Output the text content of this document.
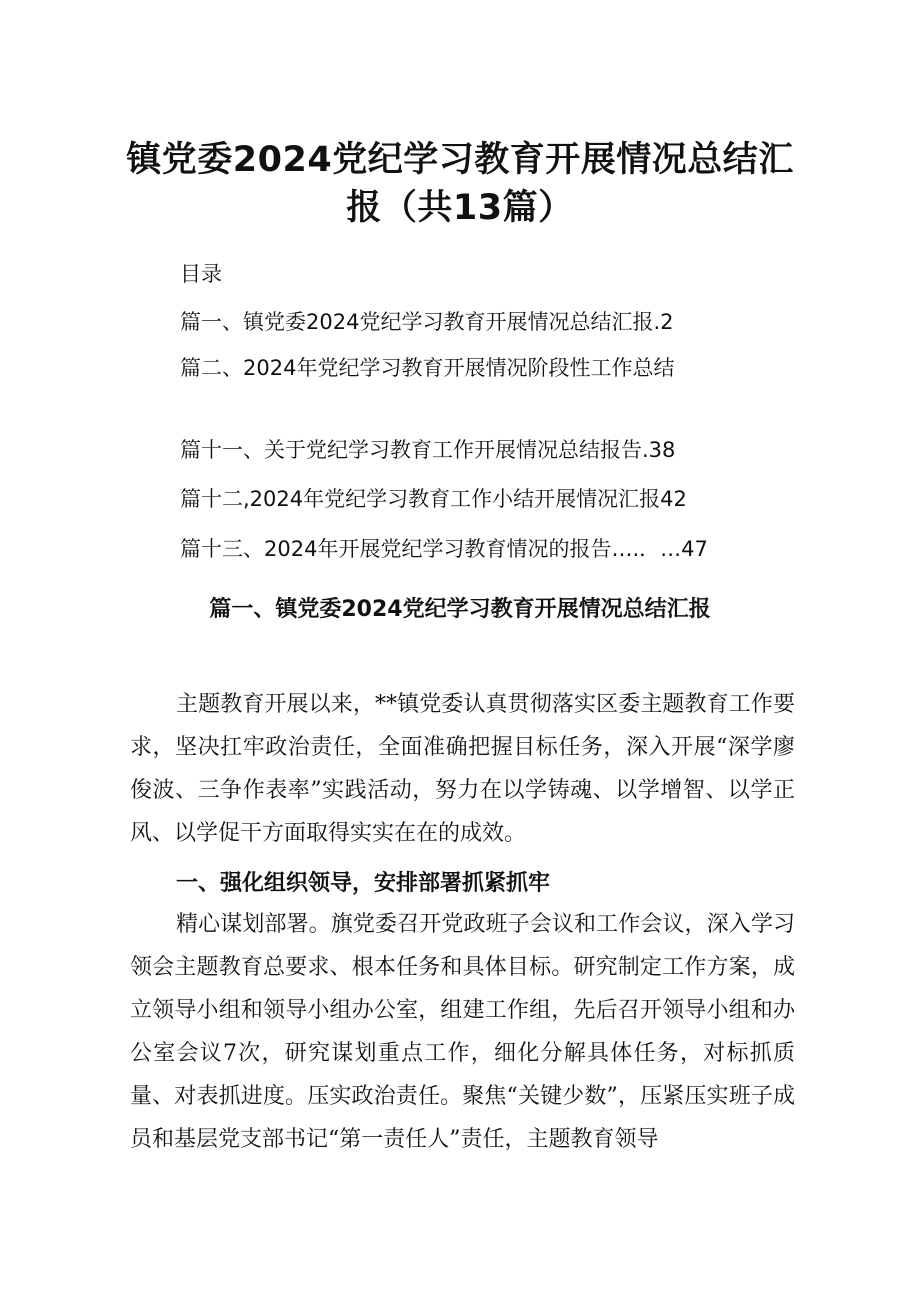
镇党委2024党纪学习教育开展情况总结汇
报（共13篇）
目录
篇一、镇党委2024党纪学习教育开展情况总结汇报.2
篇二、2024年党纪学习教育开展情况阶段性工作总结
篇十一、关于党纪学习教育工作开展情况总结报告.38
篇十二,2024年党纪学习教育工作小结开展情况汇报42
篇十三、2024年开展党纪学习教育情况的报告….．…47
篇一、镇党委2024党纪学习教育开展情况总结汇报

主题教育开展以来，**镇党委认真贯彻落实区委主题教育工作要求，坚决扛牢政治责任，全面准确把握目标任务，深入开展“深学廖俊波、三争作表率”实践活动，努力在以学铸魂、以学增智、以学正风、以学促干方面取得实实在在的成效。

一、强化组织领导，安排部署抓紧抓牢

精心谋划部署。旗党委召开党政班子会议和工作会议，深入学习领会主题教育总要求、根本任务和具体目标。研究制定工作方案，成立领导小组和领导小组办公室，组建工作组，先后召开领导小组和办公室会议7次，研究谋划重点工作，细化分解具体任务，对标抓质量、对表抓进度。压实政治责任。聚焦“关键少数”，压紧压实班子成员和基层党支部书记“第一责任人”责任，主题教育领导
